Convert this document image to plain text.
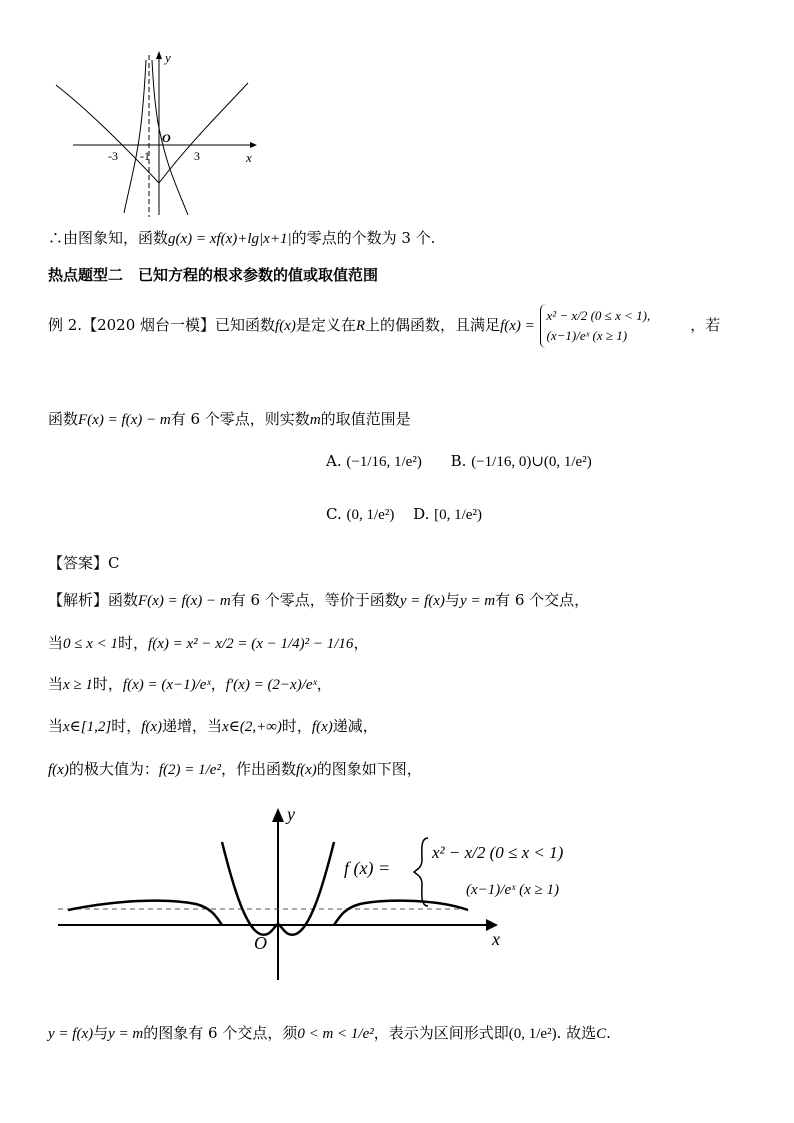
y
x
O
-3 -1	3
∴由图象知，函数g(x) = xf(x)+lg|x+1|的零点的个数为 3 个.
热点题型二　已知方程的根求参数的值或取值范围
例 2.【2020 烟台一模】已知函数f(x)是定义在R上的偶函数，且满足f(x) = x² − x/2 (0 ≤ x < 1),
(x−1)/eˣ (x ≥ 1)，若
函数F(x) = f(x) − m有 6 个零点，则实数m的取值范围是
A. (−1/16, 1/e²) B. (−1/16, 0)∪(0, 1/e²)
C. (0, 1/e²) D. [0, 1/e²)
【答案】C
【解析】函数F(x) = f(x) − m有 6 个零点，等价于函数y = f(x)与y = m有 6 个交点，
当0 ≤ x < 1时，f(x) = x² − x/2 = (x − 1/4)² − 1/16，
当x ≥ 1时，f(x) = (x−1)/eˣ，f′(x) = (2−x)/eˣ，
当x∈[1,2]时，f(x)递增，当x∈(2,+∞)时，f(x)递减，
f(x)的极大值为：f(2) = 1/e²，作出函数f(x)的图象如下图，
y
x
O
f (x) =
x² − x/2 (0 ≤ x < 1)
(x−1)/eˣ (x ≥ 1)
y = f(x)与y = m的图象有 6 个交点，须0 < m < 1/e²，表示为区间形式即(0, 1/e²). 故选C.
